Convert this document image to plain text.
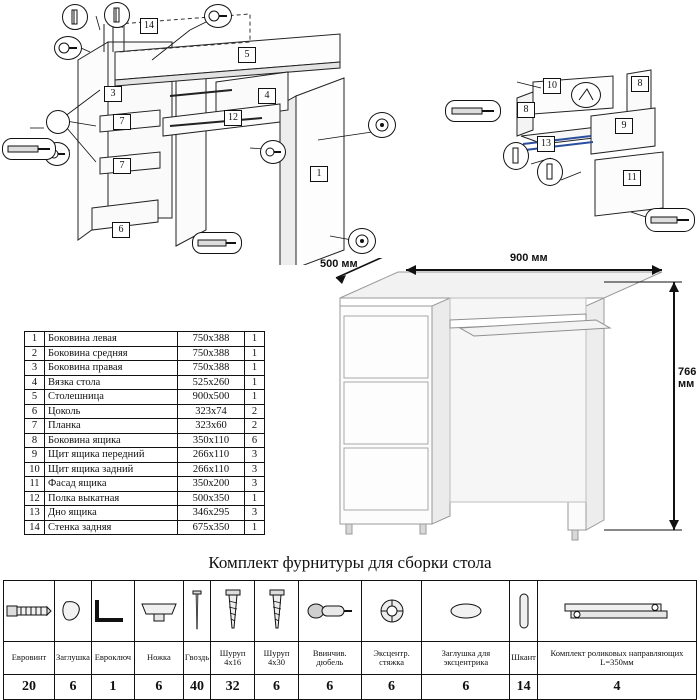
14
5
3	4
7	12
7
1
6
10	8
8
9
13
11
500 мм	900 мм
766 мм
1	Боковина левая	750x388	1
2	Боковина средняя	750x388	1
3	Боковина правая	750x388	1
4	Вязка стола	525x260	1
5	Столешница	900x500	1
6	Цоколь	323x74	2
7	Планка	323x60	2
8	Боковина ящика	350x110	6
9	Щит ящика передний	266x110	3
10	Щит ящика задний	266x110	3
11	Фасад ящика	350x200	3
12	Полка выкатная	500x350	1
13	Дно ящика	346x295	3
14	Стенка задняя	675x350	1
Комплект фурнитуры для сборки стола

Евровинт	Заглушка	Евроключ	Ножка	Гвоздь	Шуруп 4x16	Шуруп 4x30	Ввинчив. дюбель	Эксцентр. стяжка	Заглушка для эксцентрика	Шкант	Комплект роликовых направляющих L=350мм
20	6	1	6	40	32	6	6	6	6	14	4
